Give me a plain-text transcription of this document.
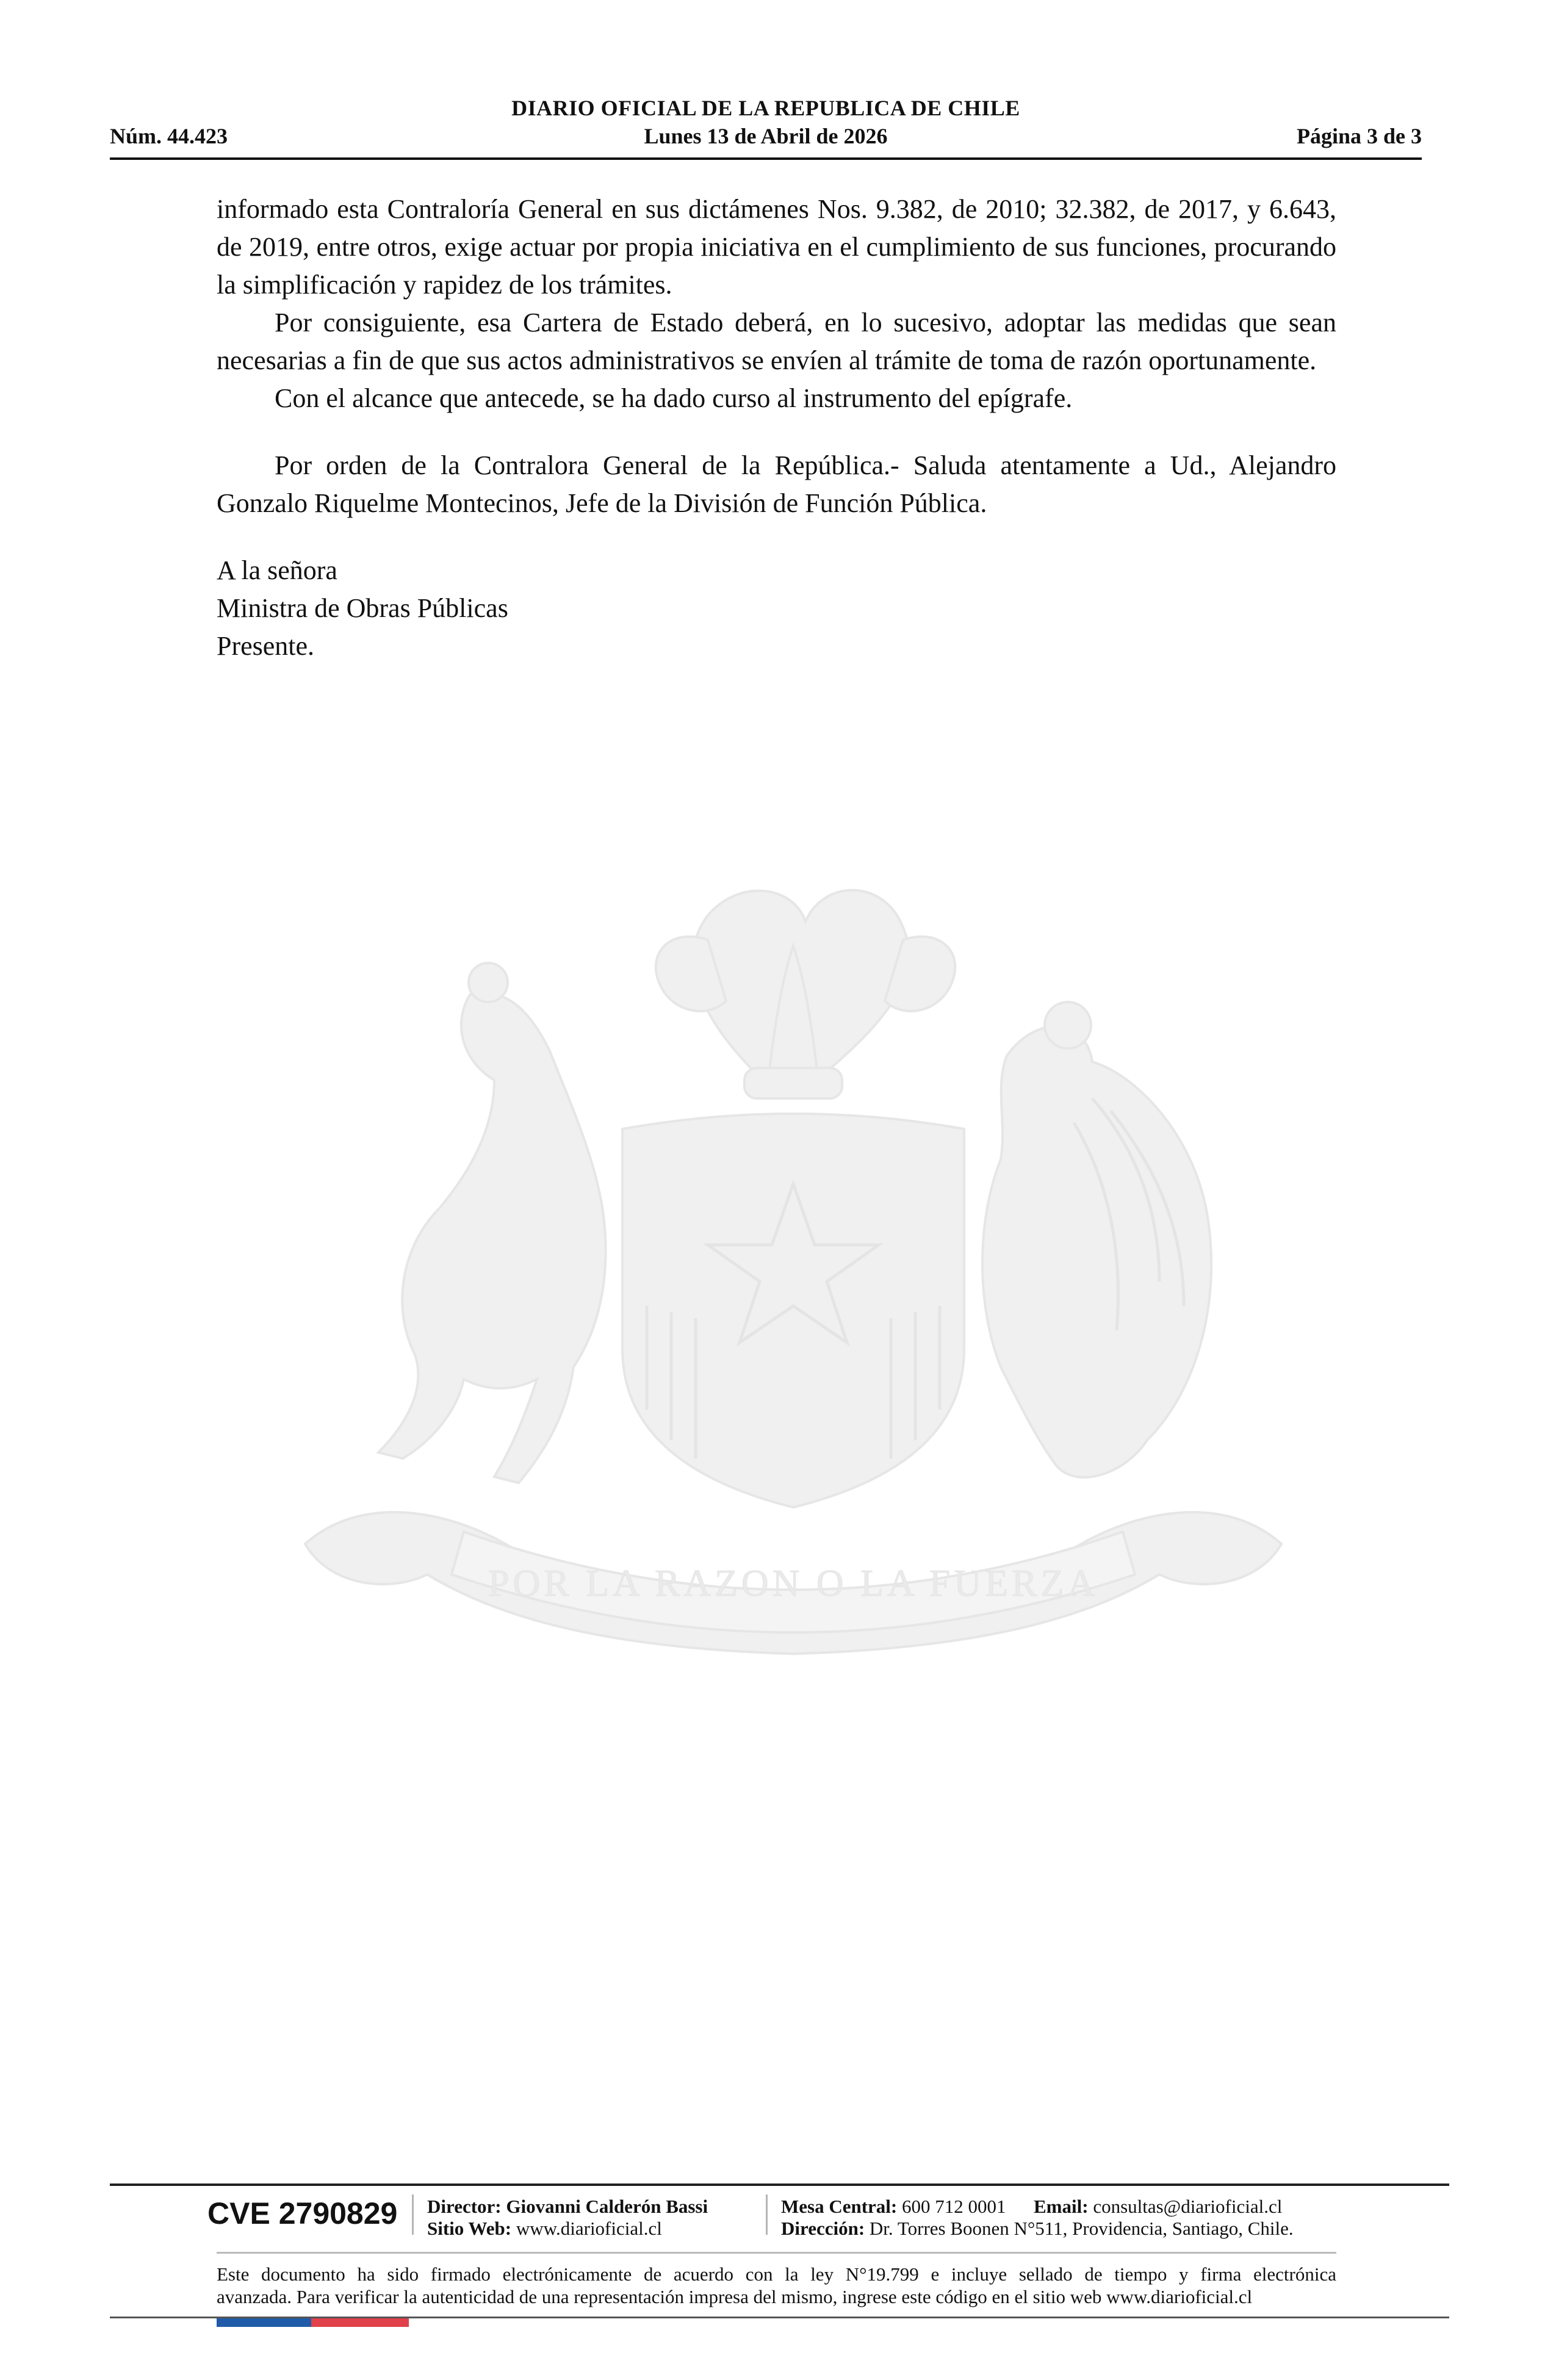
DIARIO OFICIAL DE LA REPUBLICA DE CHILE
Núm. 44.423	Lunes 13 de Abril de 2026	Página 3 de 3

informado esta Contraloría General en sus dictámenes Nos. 9.382, de 2010; 32.382, de 2017, y 6.643, de 2019, entre otros, exige actuar por propia iniciativa en el cumplimiento de sus funciones, procurando la simplificación y rapidez de los trámites.

Por consiguiente, esa Cartera de Estado deberá, en lo sucesivo, adoptar las medidas que sean necesarias a fin de que sus actos administrativos se envíen al trámite de toma de razón oportunamente.

Con el alcance que antecede, se ha dado curso al instrumento del epígrafe.

Por orden de la Contralora General de la República.- Saluda atentamente a Ud., Alejandro Gonzalo Riquelme Montecinos, Jefe de la División de Función Pública.

A la señora
Ministra de Obras Públicas
Presente.
POR LA RAZON O LA FUERZA
CVE 2790829	Director: Giovanni Calderón Bassi
Sitio Web: www.diarioficial.cl
Mesa Central: 600 712 0001 Email: consultas@diarioficial.cl
Dirección: Dr. Torres Boonen N°511, Providencia, Santiago, Chile.
Este documento ha sido firmado electrónicamente de acuerdo con la ley N°19.799 e incluye sellado de tiempo y firma electrónica
avanzada. Para verificar la autenticidad de una representación impresa del mismo, ingrese este código en el sitio web www.diarioficial.cl
